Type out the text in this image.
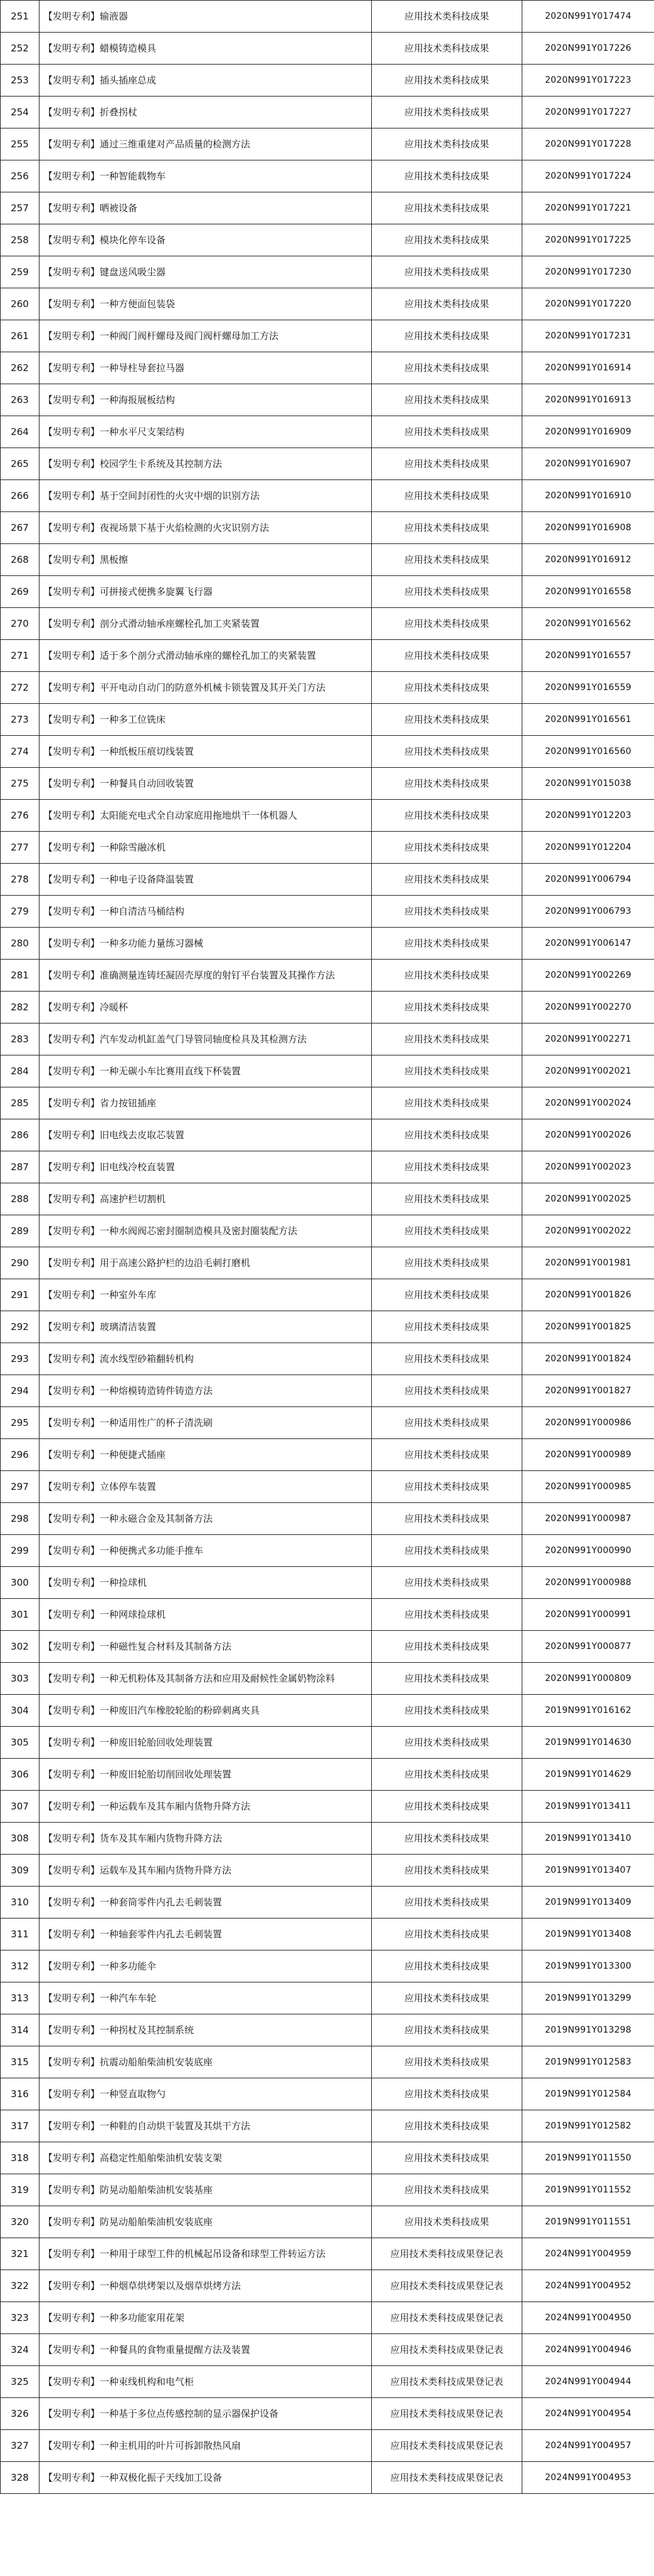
251	【发明专利】输液器	应用技术类科技成果	2020N991Y017474
252	【发明专利】蜡模铸造模具	应用技术类科技成果	2020N991Y017226
253	【发明专利】插头插座总成	应用技术类科技成果	2020N991Y017223
254	【发明专利】折叠拐杖	应用技术类科技成果	2020N991Y017227
255	【发明专利】通过三维重建对产品质量的检测方法	应用技术类科技成果	2020N991Y017228
256	【发明专利】一种智能载物车	应用技术类科技成果	2020N991Y017224
257	【发明专利】晒被设备	应用技术类科技成果	2020N991Y017221
258	【发明专利】模块化停车设备	应用技术类科技成果	2020N991Y017225
259	【发明专利】键盘送风吸尘器	应用技术类科技成果	2020N991Y017230
260	【发明专利】一种方便面包装袋	应用技术类科技成果	2020N991Y017220
261	【发明专利】一种阀门阀杆螺母及阀门阀杆螺母加工方法	应用技术类科技成果	2020N991Y017231
262	【发明专利】一种导柱导套拉马器	应用技术类科技成果	2020N991Y016914
263	【发明专利】一种海报展板结构	应用技术类科技成果	2020N991Y016913
264	【发明专利】一种水平尺支架结构	应用技术类科技成果	2020N991Y016909
265	【发明专利】校园学生卡系统及其控制方法	应用技术类科技成果	2020N991Y016907
266	【发明专利】基于空间封闭性的火灾中烟的识别方法	应用技术类科技成果	2020N991Y016910
267	【发明专利】夜视场景下基于火焰检测的火灾识别方法	应用技术类科技成果	2020N991Y016908
268	【发明专利】黑板擦	应用技术类科技成果	2020N991Y016912
269	【发明专利】可拼接式便携多旋翼飞行器	应用技术类科技成果	2020N991Y016558
270	【发明专利】剖分式滑动轴承座螺栓孔加工夹紧装置	应用技术类科技成果	2020N991Y016562
271	【发明专利】适于多个剖分式滑动轴承座的螺栓孔加工的夹紧装置	应用技术类科技成果	2020N991Y016557
272	【发明专利】平开电动自动门的防意外机械卡锁装置及其开关门方法	应用技术类科技成果	2020N991Y016559
273	【发明专利】一种多工位铣床	应用技术类科技成果	2020N991Y016561
274	【发明专利】一种纸板压痕切线装置	应用技术类科技成果	2020N991Y016560
275	【发明专利】一种餐具自动回收装置	应用技术类科技成果	2020N991Y015038
276	【发明专利】太阳能充电式全自动家庭用拖地烘干一体机器人	应用技术类科技成果	2020N991Y012203
277	【发明专利】一种除雪融冰机	应用技术类科技成果	2020N991Y012204
278	【发明专利】一种电子设备降温装置	应用技术类科技成果	2020N991Y006794
279	【发明专利】一种自清洁马桶结构	应用技术类科技成果	2020N991Y006793
280	【发明专利】一种多功能力量练习器械	应用技术类科技成果	2020N991Y006147
281	【发明专利】准确测量连铸坯凝固壳厚度的射钉平台装置及其操作方法	应用技术类科技成果	2020N991Y002269
282	【发明专利】冷暖杯	应用技术类科技成果	2020N991Y002270
283	【发明专利】汽车发动机缸盖气门导管同轴度检具及其检测方法	应用技术类科技成果	2020N991Y002271
284	【发明专利】一种无碳小车比赛用直线下杯装置	应用技术类科技成果	2020N991Y002021
285	【发明专利】省力按钮插座	应用技术类科技成果	2020N991Y002024
286	【发明专利】旧电线去皮取芯装置	应用技术类科技成果	2020N991Y002026
287	【发明专利】旧电线冷校直装置	应用技术类科技成果	2020N991Y002023
288	【发明专利】高速护栏切割机	应用技术类科技成果	2020N991Y002025
289	【发明专利】一种水阀阀芯密封圈制造模具及密封圈装配方法	应用技术类科技成果	2020N991Y002022
290	【发明专利】用于高速公路护栏的边沿毛刺打磨机	应用技术类科技成果	2020N991Y001981
291	【发明专利】一种室外车库	应用技术类科技成果	2020N991Y001826
292	【发明专利】玻璃清洁装置	应用技术类科技成果	2020N991Y001825
293	【发明专利】流水线型砂箱翻转机构	应用技术类科技成果	2020N991Y001824
294	【发明专利】一种熔模铸造铸件铸造方法	应用技术类科技成果	2020N991Y001827
295	【发明专利】一种适用性广的杯子清洗刷	应用技术类科技成果	2020N991Y000986
296	【发明专利】一种便捷式插座	应用技术类科技成果	2020N991Y000989
297	【发明专利】立体停车装置	应用技术类科技成果	2020N991Y000985
298	【发明专利】一种永磁合金及其制备方法	应用技术类科技成果	2020N991Y000987
299	【发明专利】一种便携式多功能手推车	应用技术类科技成果	2020N991Y000990
300	【发明专利】一种捡球机	应用技术类科技成果	2020N991Y000988
301	【发明专利】一种网球捡球机	应用技术类科技成果	2020N991Y000991
302	【发明专利】一种磁性复合材料及其制备方法	应用技术类科技成果	2020N991Y000877
303	【发明专利】一种无机粉体及其制备方法和应用及耐候性金属奶物涂料	应用技术类科技成果	2020N991Y000809
304	【发明专利】一种废旧汽车橡胶轮胎的粉碎刺离夹具	应用技术类科技成果	2019N991Y016162
305	【发明专利】一种废旧轮胎回收处理装置	应用技术类科技成果	2019N991Y014630
306	【发明专利】一种废旧轮胎切削回收处理装置	应用技术类科技成果	2019N991Y014629
307	【发明专利】一种运载车及其车厢内货物升降方法	应用技术类科技成果	2019N991Y013411
308	【发明专利】货车及其车厢内货物升降方法	应用技术类科技成果	2019N991Y013410
309	【发明专利】运载车及其车厢内货物升降方法	应用技术类科技成果	2019N991Y013407
310	【发明专利】一种套筒零件内孔去毛刺装置	应用技术类科技成果	2019N991Y013409
311	【发明专利】一种轴套零件内孔去毛刺装置	应用技术类科技成果	2019N991Y013408
312	【发明专利】一种多功能伞	应用技术类科技成果	2019N991Y013300
313	【发明专利】一种汽车车轮	应用技术类科技成果	2019N991Y013299
314	【发明专利】一种拐杖及其控制系统	应用技术类科技成果	2019N991Y013298
315	【发明专利】抗震动船舶柴油机安装底座	应用技术类科技成果	2019N991Y012583
316	【发明专利】一种竖直取物勺	应用技术类科技成果	2019N991Y012584
317	【发明专利】一种鞋的自动烘干装置及其烘干方法	应用技术类科技成果	2019N991Y012582
318	【发明专利】高稳定性船舶柴油机安装支架	应用技术类科技成果	2019N991Y011550
319	【发明专利】防晃动船舶柴油机安装基座	应用技术类科技成果	2019N991Y011552
320	【发明专利】防晃动船舶柴油机安装底座	应用技术类科技成果	2019N991Y011551
321	【发明专利】一种用于球型工件的机械起吊设备和球型工件转运方法	应用技术类科技成果登记表	2024N991Y004959
322	【发明专利】一种烟草烘烤架以及烟草烘烤方法	应用技术类科技成果登记表	2024N991Y004952
323	【发明专利】一种多功能家用花架	应用技术类科技成果登记表	2024N991Y004950
324	【发明专利】一种餐具的食物重量提醒方法及装置	应用技术类科技成果登记表	2024N991Y004946
325	【发明专利】一种束线机构和电气柜	应用技术类科技成果登记表	2024N991Y004944
326	【发明专利】一种基于多位点传感控制的显示器保护设备	应用技术类科技成果登记表	2024N991Y004954
327	【发明专利】一种主机用的叶片可拆卸散热风扇	应用技术类科技成果登记表	2024N991Y004957
328	【发明专利】一种双极化振子天线加工设备	应用技术类科技成果登记表	2024N991Y004953
